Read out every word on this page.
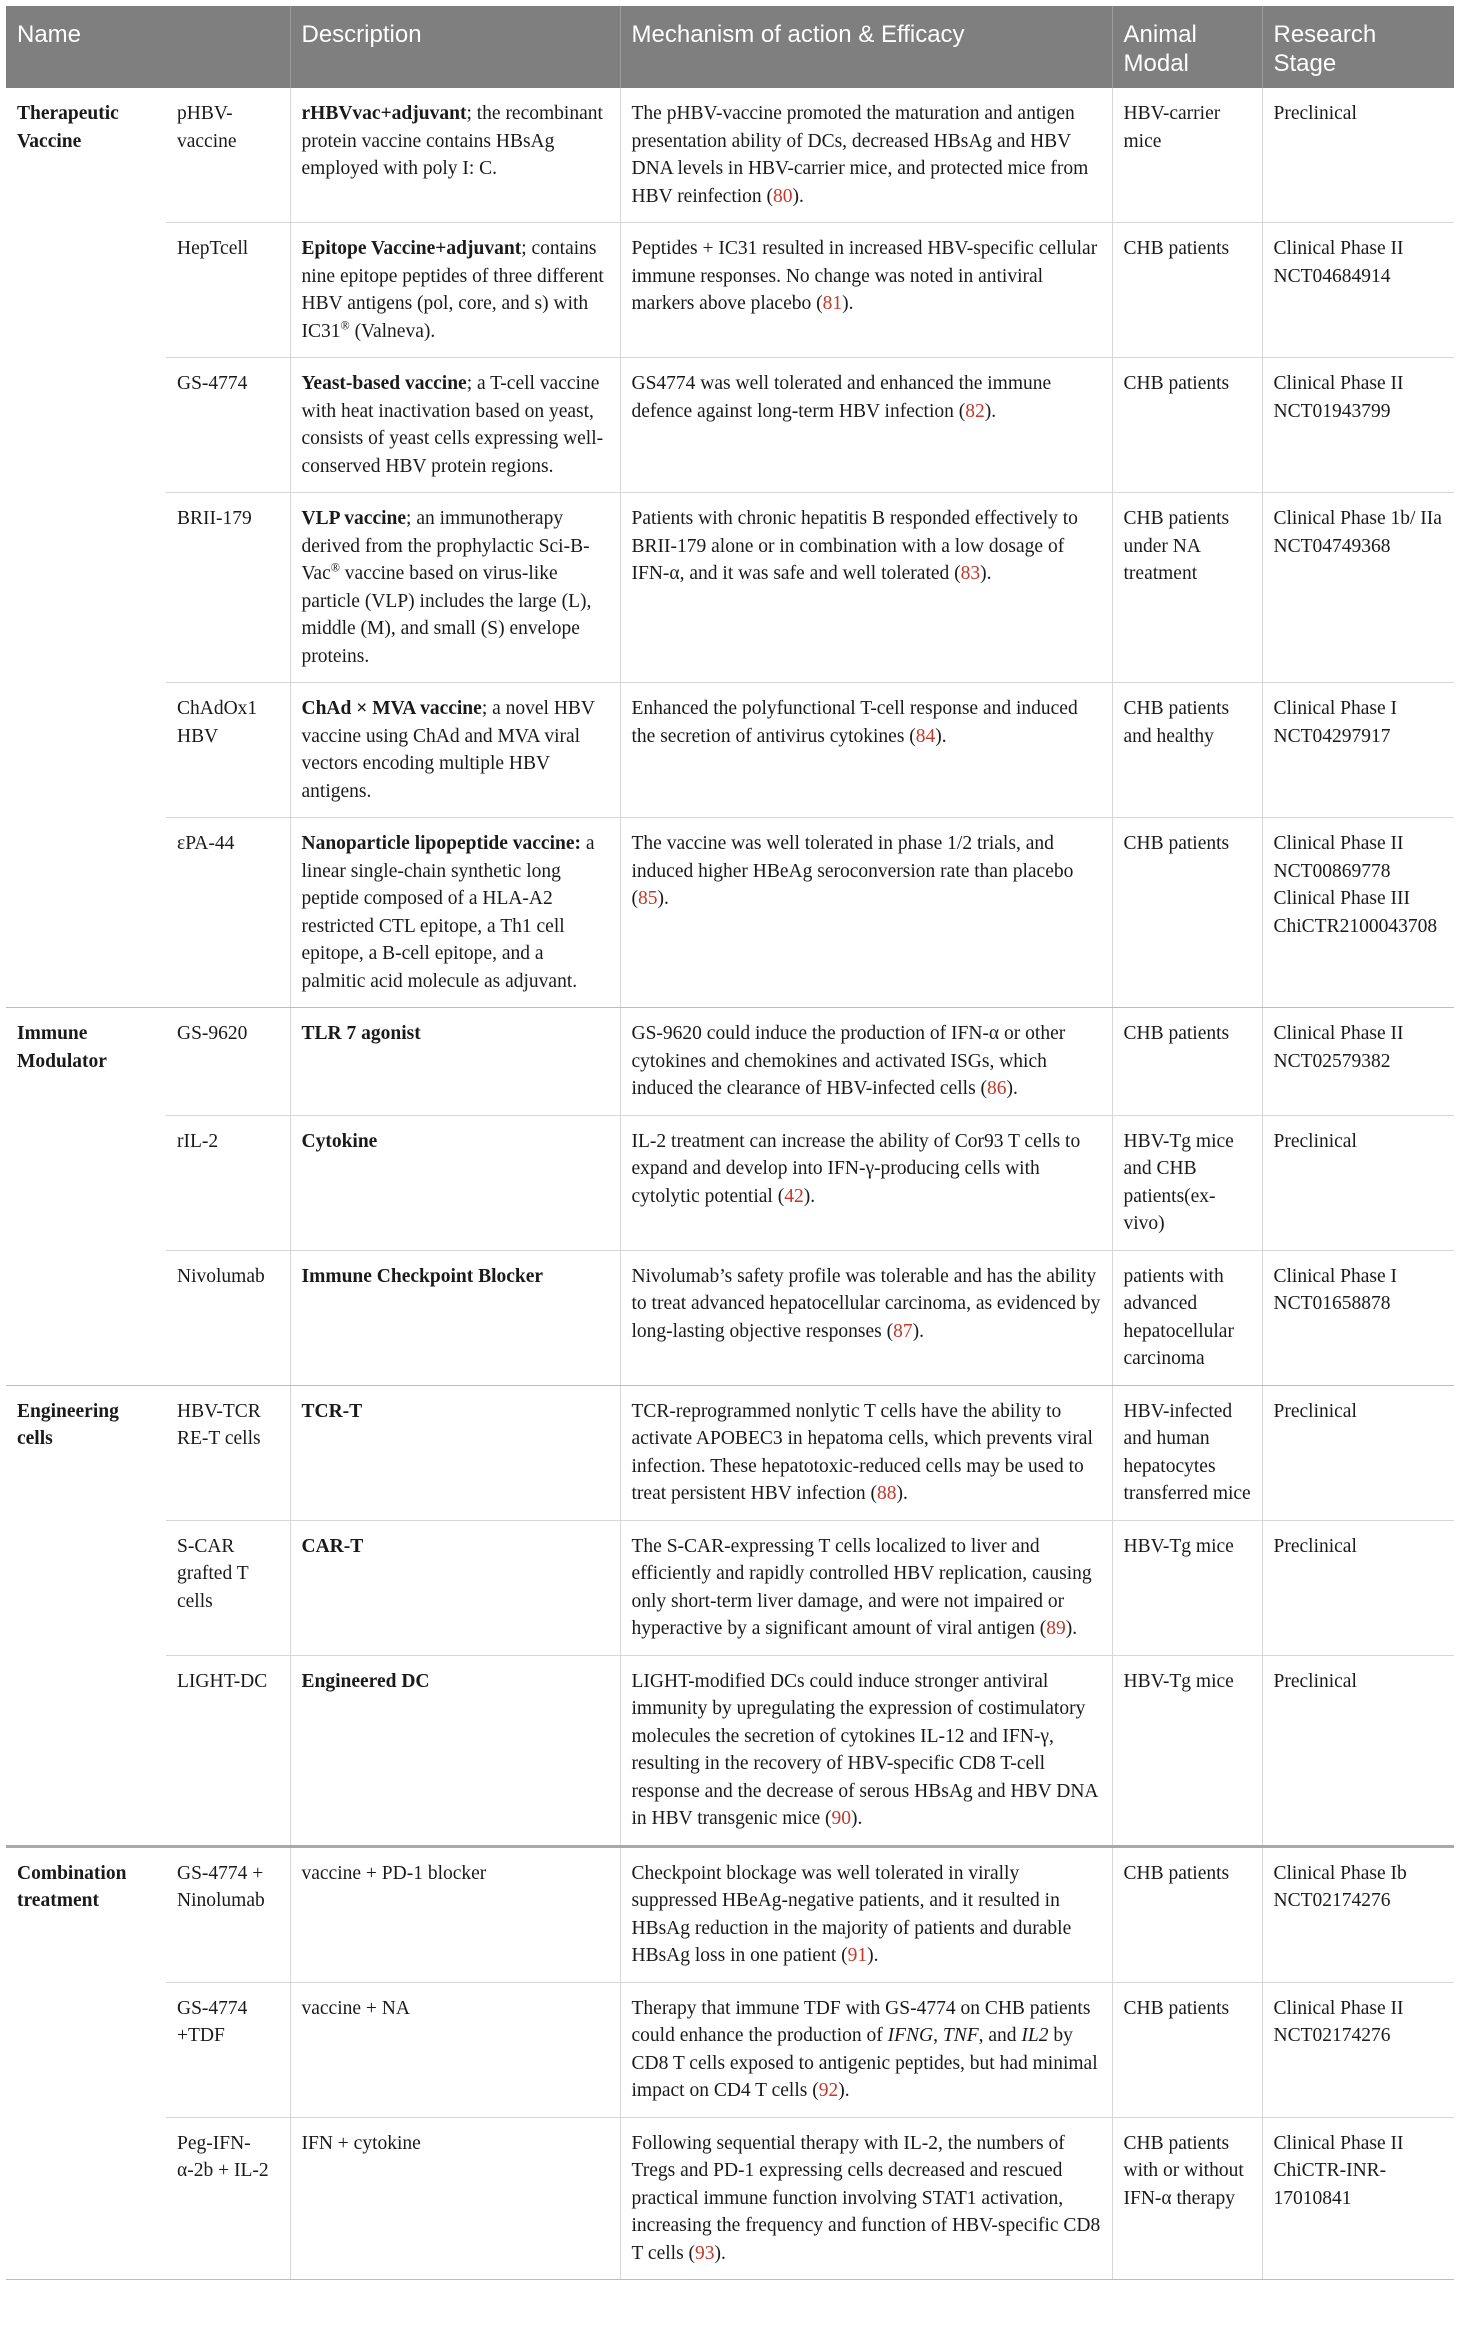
Name		Description	Mechanism of action & Efficacy	Animal Modal	Research Stage
Therapeutic Vaccine	pHBV-vaccine	rHBVvac+adjuvant; the recombinant protein vaccine contains HBsAg employed with poly I: C.	The pHBV-vaccine promoted the maturation and antigen presentation ability of DCs, decreased HBsAg and HBV DNA levels in HBV-carrier mice, and protected mice from HBV reinfection (80).	HBV-carrier mice	Preclinical
	HepTcell	Epitope Vaccine+adjuvant; contains nine epitope peptides of three different HBV antigens (pol, core, and s) with IC31® (Valneva).	Peptides + IC31 resulted in increased HBV-specific cellular immune responses. No change was noted in antiviral markers above placebo (81).	CHB patients	Clinical Phase II NCT04684914
	GS-4774	Yeast-based vaccine; a T-cell vaccine with heat inactivation based on yeast, consists of yeast cells expressing well-conserved HBV protein regions.	GS4774 was well tolerated and enhanced the immune defence against long-term HBV infection (82).	CHB patients	Clinical Phase II NCT01943799
	BRII-179	VLP vaccine; an immunotherapy derived from the prophylactic Sci-B-Vac® vaccine based on virus-like particle (VLP) includes the large (L), middle (M), and small (S) envelope proteins.	Patients with chronic hepatitis B responded effectively to BRII-179 alone or in combination with a low dosage of IFN-α, and it was safe and well tolerated (83).	CHB patients under NA treatment	Clinical Phase 1b/ IIa NCT04749368
	ChAdOx1 HBV	ChAd × MVA vaccine; a novel HBV vaccine using ChAd and MVA viral vectors encoding multiple HBV antigens.	Enhanced the polyfunctional T-cell response and induced the secretion of antivirus cytokines (84).	CHB patients and healthy	Clinical Phase I NCT04297917
	εPA-44	Nanoparticle lipopeptide vaccine: a linear single-chain synthetic long peptide composed of a HLA-A2 restricted CTL epitope, a Th1 cell epitope, a B-cell epitope, and a palmitic acid molecule as adjuvant.	The vaccine was well tolerated in phase 1/2 trials, and induced higher HBeAg seroconversion rate than placebo (85).	CHB patients	Clinical Phase II NCT00869778 Clinical Phase III ChiCTR2100043708
Immune Modulator	GS-9620	TLR 7 agonist	GS-9620 could induce the production of IFN-α or other cytokines and chemokines and activated ISGs, which induced the clearance of HBV-infected cells (86).	CHB patients	Clinical Phase II NCT02579382
	rIL-2	Cytokine	IL-2 treatment can increase the ability of Cor93 T cells to expand and develop into IFN-γ-producing cells with cytolytic potential (42).	HBV-Tg mice and CHB patients(ex-vivo)	Preclinical
	Nivolumab	Immune Checkpoint Blocker	Nivolumab’s safety profile was tolerable and has the ability to treat advanced hepatocellular carcinoma, as evidenced by long-lasting objective responses (87).	patients with advanced hepatocellular carcinoma	Clinical Phase I NCT01658878
Engineering cells	HBV-TCR RE-T cells	TCR-T	TCR-reprogrammed nonlytic T cells have the ability to activate APOBEC3 in hepatoma cells, which prevents viral infection. These hepatotoxic-reduced cells may be used to treat persistent HBV infection (88).	HBV-infected and human hepatocytes transferred mice	Preclinical
	S-CAR grafted T cells	CAR-T	The S-CAR-expressing T cells localized to liver and efficiently and rapidly controlled HBV replication, causing only short-term liver damage, and were not impaired or hyperactive by a significant amount of viral antigen (89).	HBV-Tg mice	Preclinical
	LIGHT-DC	Engineered DC	LIGHT-modified DCs could induce stronger antiviral immunity by upregulating the expression of costimulatory molecules the secretion of cytokines IL-12 and IFN-γ, resulting in the recovery of HBV-specific CD8 T-cell response and the decrease of serous HBsAg and HBV DNA in HBV transgenic mice (90).	HBV-Tg mice	Preclinical
Combination treatment	GS-4774 + Ninolumab	vaccine + PD-1 blocker	Checkpoint blockage was well tolerated in virally suppressed HBeAg-negative patients, and it resulted in HBsAg reduction in the majority of patients and durable HBsAg loss in one patient (91).	CHB patients	Clinical Phase Ib NCT02174276
	GS-4774 +TDF	vaccine + NA	Therapy that immune TDF with GS-4774 on CHB patients could enhance the production of IFNG, TNF, and IL2 by CD8 T cells exposed to antigenic peptides, but had minimal impact on CD4 T cells (92).	CHB patients	Clinical Phase II NCT02174276
	Peg-IFN-α-2b + IL-2	IFN + cytokine	Following sequential therapy with IL-2, the numbers of Tregs and PD-1 expressing cells decreased and rescued practical immune function involving STAT1 activation, increasing the frequency and function of HBV-specific CD8 T cells (93).	CHB patients with or without IFN-α therapy	Clinical Phase II ChiCTR-INR-17010841
